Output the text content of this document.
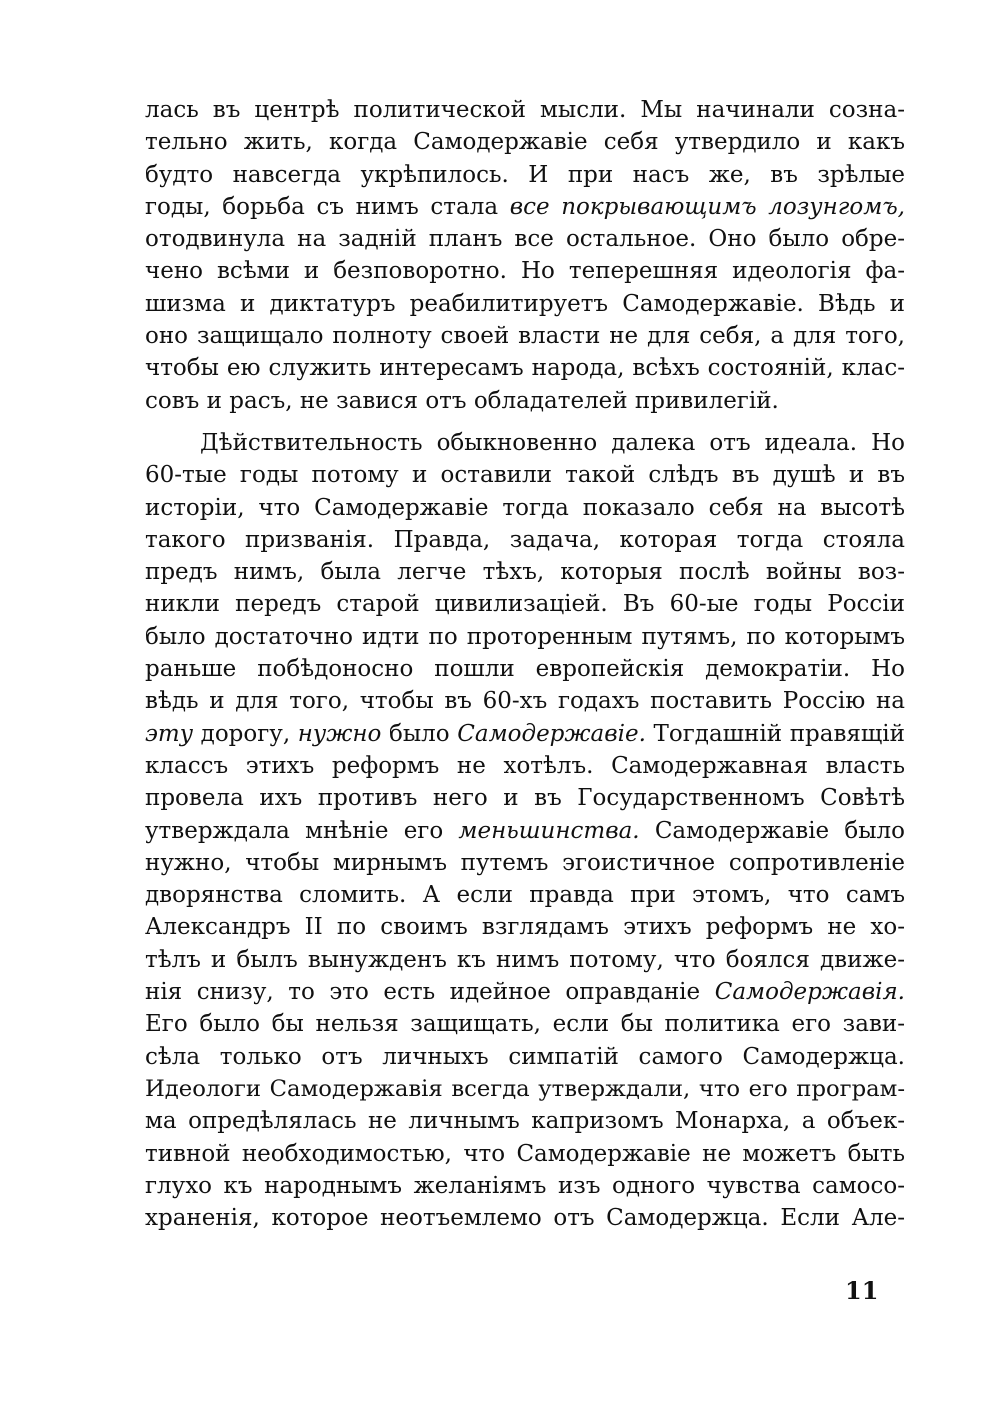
лась въ центрѣ политической мысли. Мы начинали созна-
тельно жить, когда Самодержавіе себя утвердило и какъ
будто навсегда укрѣпилось. И при насъ же, въ зрѣлые
годы, борьба съ нимъ стала все покрывающимъ лозунгомъ,
отодвинула на задній планъ все остальное. Оно было обре-
чено всѣми и безповоротно. Но теперешняя идеологія фа-
шизма и диктатуръ реабилитируетъ Самодержавіе. Вѣдь и
оно защищало полноту своей власти не для себя, а для того,
чтобы ею служить интересамъ народа, всѣхъ состояній, клас-
совъ и расъ, не завися отъ обладателей привилегій.
Дѣйствительность обыкновенно далека отъ идеала. Но
60-тые годы потому и оставили такой слѣдъ въ душѣ и въ
исторіи, что Самодержавіе тогда показало себя на высотѣ
такого призванія. Правда, задача, которая тогда стояла
предъ нимъ, была легче тѣхъ, которыя послѣ войны воз-
никли передъ старой цивилизацiей. Въ 60-ые годы Россіи
было достаточно идти по проторенным путямъ, по которымъ
раньше побѣдоносно пошли европейскія демократіи. Но
вѣдь и для того, чтобы въ 60-хъ годахъ поставить Россію на
эту дорогу, нужно было Самодержавіе. Тогдашній правящій
классъ этихъ реформъ не хотѣлъ. Самодержавная власть
провела ихъ противъ него и въ Государственномъ Совѣтѣ
утверждала мнѣніе его меньшинства. Самодержавіе было
нужно, чтобы мирнымъ путемъ эгоистичное сопротивленіе
дворянства сломить. А если правда при этомъ, что самъ
Александръ II по своимъ взглядамъ этихъ реформъ не хо-
тѣлъ и былъ вынужденъ къ нимъ потому, что боялся движе-
нія снизу, то это есть идейное оправданіе Самодержавія.
Его было бы нельзя защищать, если бы политика его зави-
сѣла только отъ личныхъ симпатій самого Самодержца.
Идеологи Самодержавія всегда утверждали, что его програм-
ма опредѣлялась не личнымъ капризомъ Монарха, а объек-
тивной необходимостью, что Самодержавіе не можетъ быть
глухо къ народнымъ желаніямъ изъ одного чувства самосо-
храненія, которое неотъемлемо отъ Самодержца. Если Але-
11
